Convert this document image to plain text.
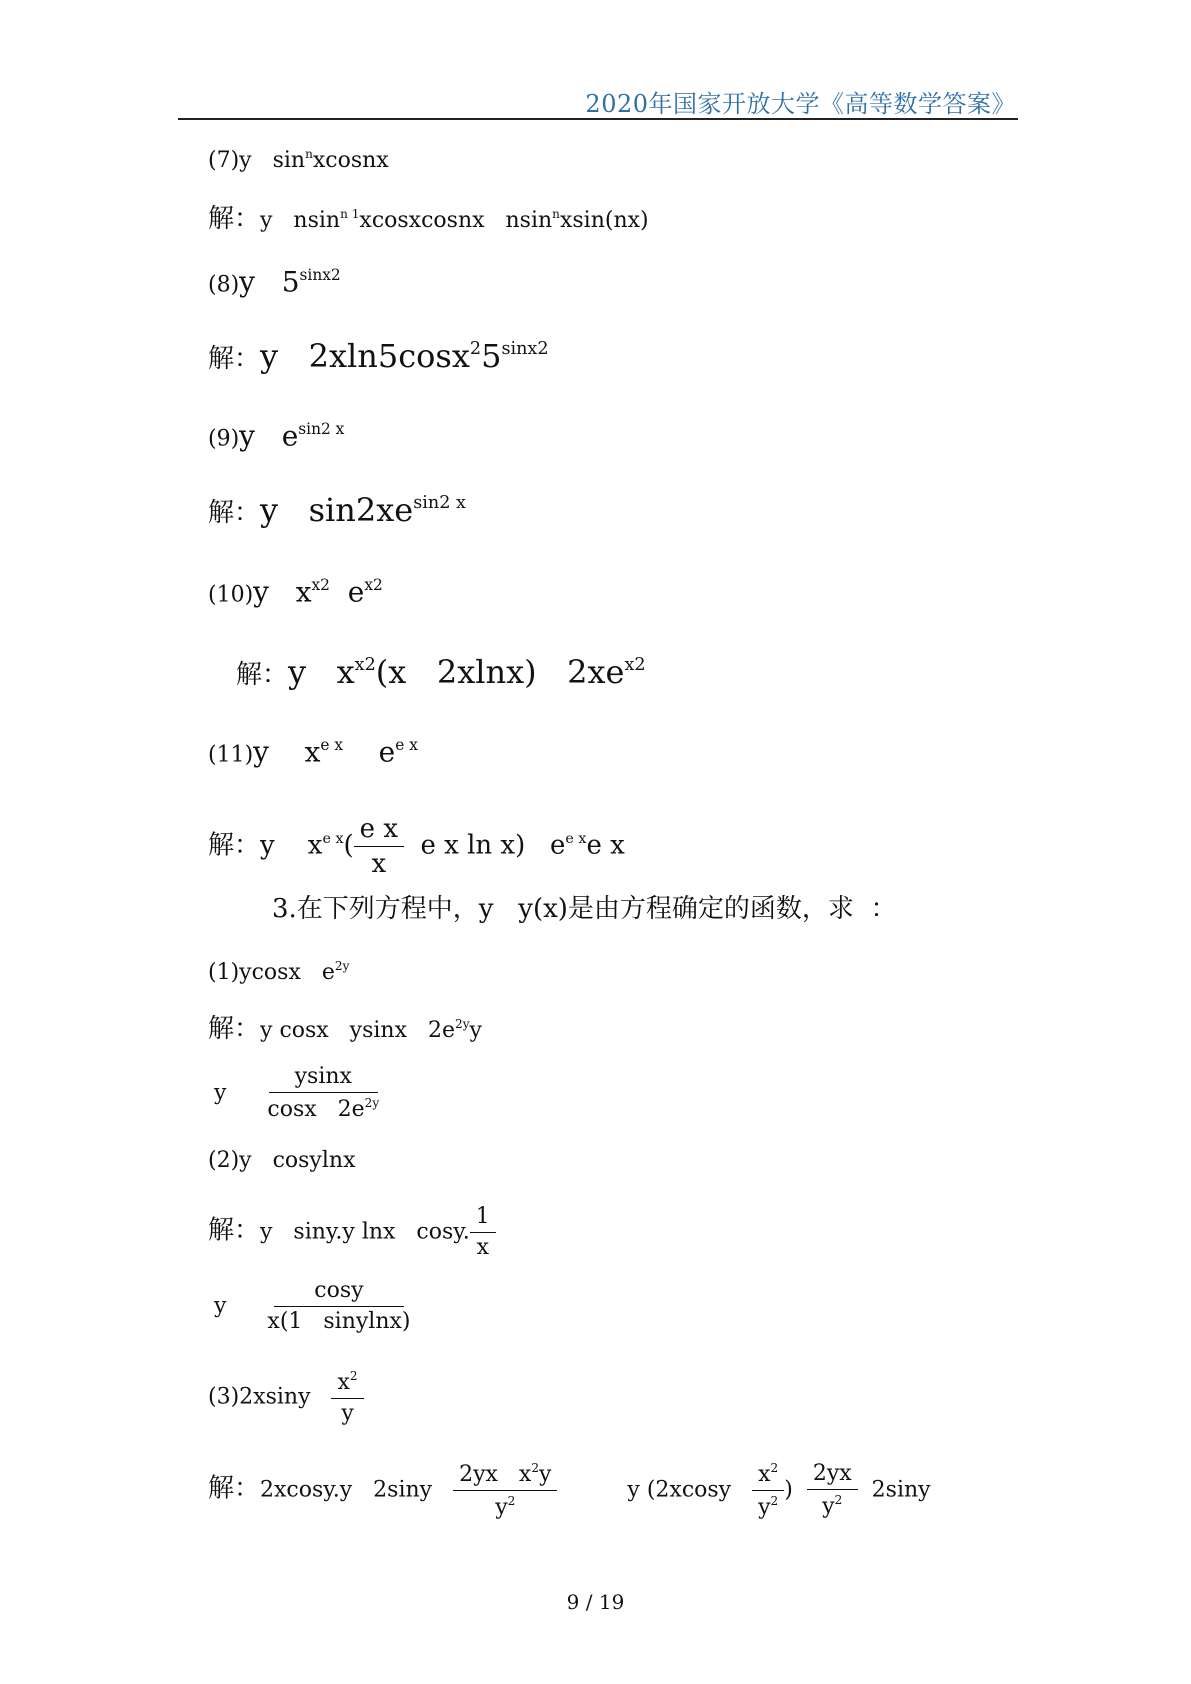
2020年国家开放大学《高等数学答案》
(7)y   $\sin^nxcosnx$
解：y   nsin$^{n 1}$xcosxcosnx   nsin$^n$xsin(nx)
(8)y   $5^{sinx2}$
解：y   $2xln5\cos x^25^{sinx2}$
(9)y   $e^{sin2 x}$
解：y   $\sin 2xe^{sin2 x}$
(10)y   $x^{x2}$  $e^{x2}$
解：y   $x^{x2}(x$   2xlnx)   $2xe^{x2}$
(11)y    $x^{e x}$    $e^{e x}$
解：y    $x^{e x}( \frac{\text{e x}}{x}$ e x ln x)   $e^{e x}e$ x
3.在下列方程中，y   y(x)是由方程确定的函数，求  ：
(1)ycosx   $e^{2y}$
解：y cosx   ysinx   $2e^{2y}y$
y $\frac{ysinx}{\cos x 2e^{2y}}$
(2)y   cosylnx
解：y   siny.y lnx   cosy. $\frac{1}{x}$
y $\frac{\cos y}{\text{x(1   sinylnx)}}$
$(3)2xsiny \frac{x^2}{y}$
解：2xcosy.y   $2\sin y \frac{2yx x^2y}{y^2}$	y ($2xcosy \frac{x^2}{y^2}$ ) $\frac{2yx}{y^2} 2\sin y$
9 / 19
